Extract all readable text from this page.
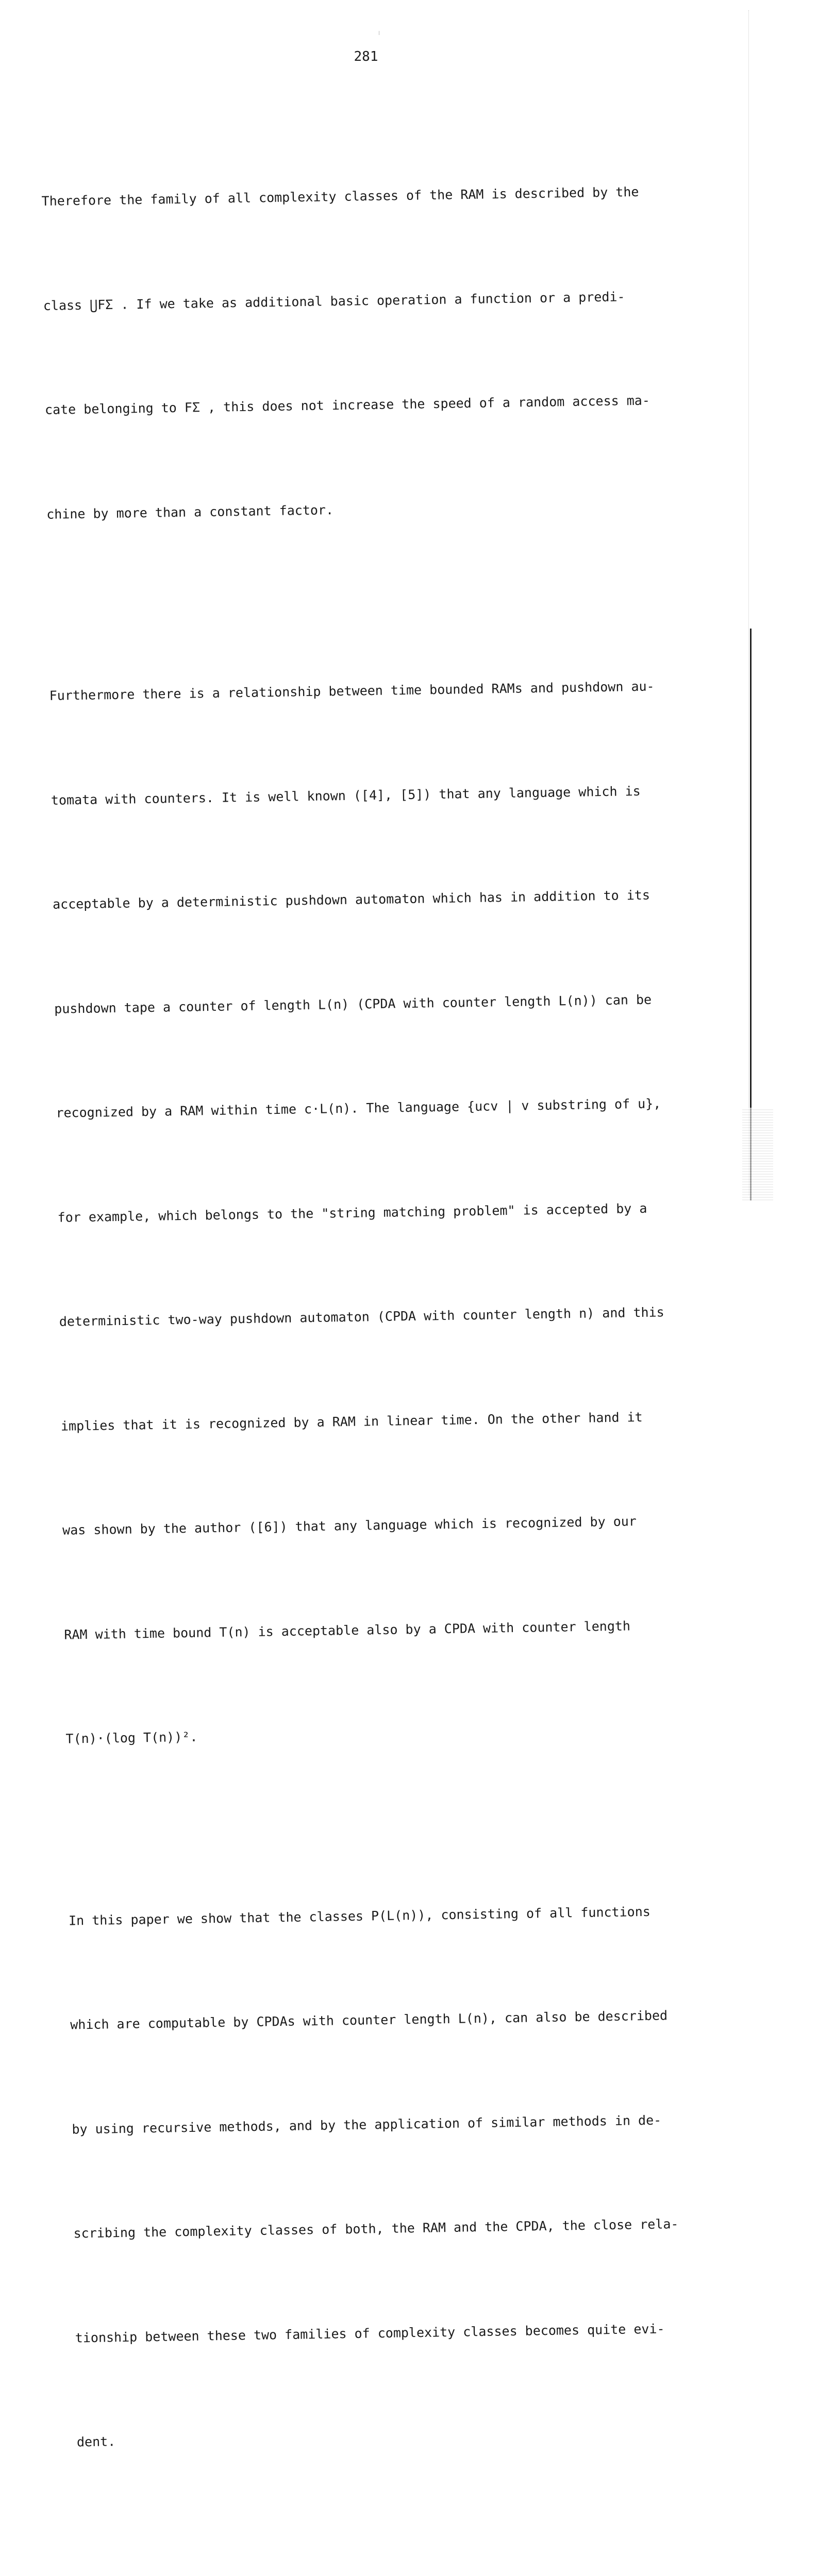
281

Therefore the family of all complexity classes of the RAM is described by the

class ⋃FΣ . If we take as additional basic operation a function or a predi-

cate belonging to FΣ , this does not increase the speed of a random access ma-

chine by more than a constant factor.

Furthermore there is a relationship between time bounded RAMs and pushdown au-

tomata with counters. It is well known ([4], [5]) that any language which is

acceptable by a deterministic pushdown automaton which has in addition to its

pushdown tape a counter of length L(n) (CPDA with counter length L(n)) can be

recognized by a RAM within time c·L(n). The language {ucv | v substring of u},

for example, which belongs to the "string matching problem" is accepted by a

deterministic two-way pushdown automaton (CPDA with counter length n) and this

implies that it is recognized by a RAM in linear time. On the other hand it

was shown by the author ([6]) that any language which is recognized by our

RAM with time bound T(n) is acceptable also by a CPDA with counter length

T(n)·(log T(n))².

In this paper we show that the classes P(L(n)), consisting of all functions

which are computable by CPDAs with counter length L(n), can also be described

by using recursive methods, and by the application of similar methods in de-

scribing the complexity classes of both, the RAM and the CPDA, the close rela-

tionship between these two families of complexity classes becomes quite evi-

dent.
